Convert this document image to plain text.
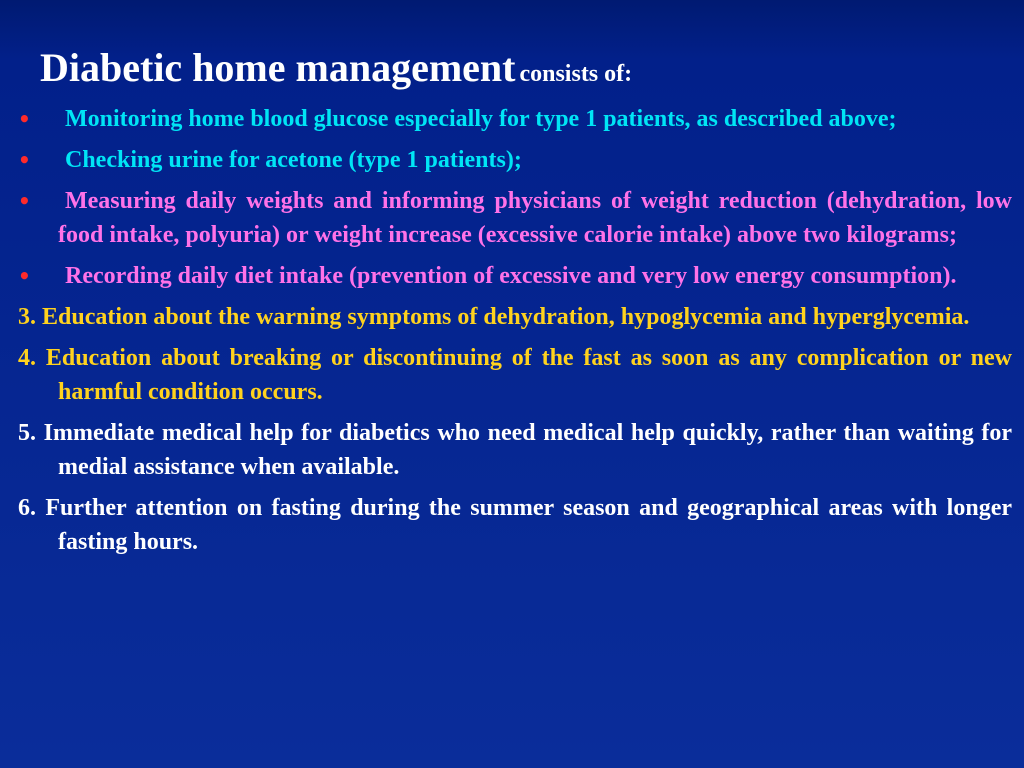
Diabetic home management consists of:
• Monitoring home blood glucose especially for type 1 patients, as described above;
• Checking urine for acetone (type 1 patients);
• Measuring daily weights and informing physicians of weight reduction (dehydration, low food intake, polyuria) or weight increase (excessive calorie intake) above two kilograms;
• Recording daily diet intake (prevention of excessive and very low energy consumption).
3. Education about the warning symptoms of dehydration, hypoglycemia and hyperglycemia.
4. Education about breaking or discontinuing of the fast as soon as any complication or new harmful condition occurs.
5. Immediate medical help for diabetics who need medical help quickly, rather than waiting for medial assistance when available.
6. Further attention on fasting during the summer season and geographical areas with longer fasting hours.
